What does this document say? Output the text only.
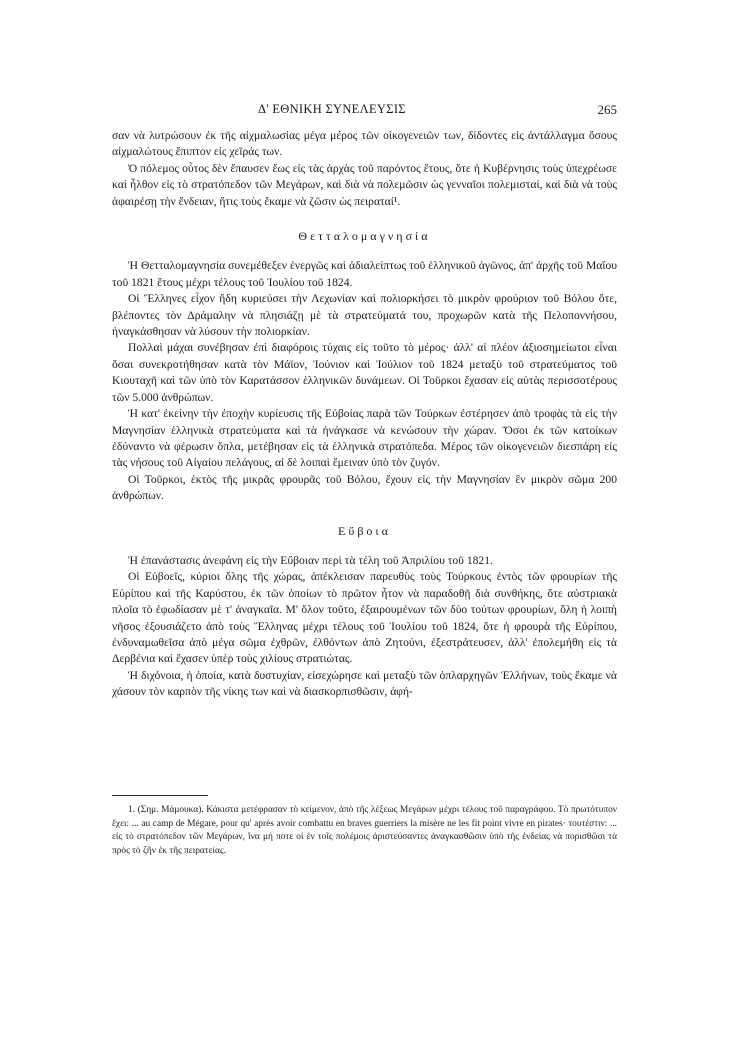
Δ' ΕΘΝΙΚΗ ΣΥΝΕΛΕΥΣΙΣ	265

σαν νὰ λυτρώσουν ἐκ τῆς αἰχμαλωσίας μέγα μέρος τῶν οἰκογενειῶν των, δίδοντες εἰς ἀντάλλαγμα ὅσους αἰχμαλώτους ἔπιπτον εἰς χεῖράς των.

Ὁ πόλεμος οὗτος δὲν ἔπαυσεν ἕως εἰς τὰς ἀρχὰς τοῦ παρόντος ἔτους, ὅτε ἡ Κυβέρνησις τοὺς ὑπεχρέωσε καὶ ἦλθον εἰς τὸ στρατόπεδον τῶν Μεγάρων, καὶ διὰ νὰ πολεμῶσιν ὡς γενναῖοι πολεμισταί, καὶ διὰ νὰ τοὺς ἀφαιρέσῃ τὴν ἔνδειαν, ἥτις τοὺς ἔκαμε νὰ ζῶσιν ὡς πειραταί¹.

Θετταλομαγνησία

Ἡ Θετταλομαγνησία συνεμέθεξεν ἐνεργῶς καὶ ἀδιαλείπτως τοῦ ἑλληνικοῦ ἀγῶνος, ἀπ' ἀρχῆς τοῦ Μαΐου τοῦ 1821 ἔτους μέχρι τέλους τοῦ Ἰουλίου τοῦ 1824.

Οἱ Ἕλληνες εἶχον ἤδη κυριεύσει τὴν Λεχωνίαν καὶ πολιορκήσει τὸ μικρὸν φρούριον τοῦ Βόλου ὅτε, βλέποντες τὸν Δράμαλην νὰ πλησιάζῃ μὲ τὰ στρατεύματά του, προχωρῶν κατὰ τῆς Πελοποννήσου, ἠναγκάσθησαν νὰ λύσουν τὴν πολιορκίαν.

Πολλαὶ μάχαι συνέβησαν ἐπὶ διαφόροις τύχαις εἰς τοῦτο τὸ μέρος· ἀλλ' αἱ πλέον ἀξιοσημείωτοι εἶναι ὅσαι συνεκροτήθησαν κατὰ τὸν Μάϊον, Ἰούνιον καὶ Ἰούλιον τοῦ 1824 μεταξὺ τοῦ στρατεύματος τοῦ Κιουταχῆ καὶ τῶν ὑπὸ τὸν Καρατάσσον ἑλληνικῶν δυνάμεων. Οἱ Τοῦρκοι ἔχασαν εἰς αὐτὰς περισσοτέρους τῶν 5.000 ἀνθρώπων.

Ἡ κατ' ἐκείνην τὴν ἐποχὴν κυρίευσις τῆς Εὐβοίας παρὰ τῶν Τούρκων ἐστέρησεν ἀπὸ τροφὰς τὰ εἰς τὴν Μαγνησίαν ἑλληνικὰ στρατεύματα καὶ τὰ ἠνάγκασε νὰ κενώσουν τὴν χώραν. Ὅσοι ἐκ τῶν κατοίκων ἐδύναντο νὰ φέρωσιν ὅπλα, μετέβησαν εἰς τὰ ἑλληνικὰ στρατόπεδα. Μέρος τῶν οἰκογενειῶν διεσπάρη εἰς τὰς νήσους τοῦ Αἰγαίου πελάγους, αἱ δὲ λοιπαὶ ἔμειναν ὑπὸ τὸν ζυγόν.

Οἱ Τοῦρκοι, ἐκτὸς τῆς μικρᾶς φρουρᾶς τοῦ Βόλου, ἔχουν εἰς τὴν Μαγνησίαν ἓν μικρὸν σῶμα 200 ἀνθρώπων.

Εὔβοια

Ἡ ἐπανάστασις ἀνεφάνη εἰς τὴν Εὔβοιαν περὶ τὰ τέλη τοῦ Ἀπριλίου τοῦ 1821.

Οἱ Εὐβοεῖς, κύριοι ὅλης τῆς χώρας, ἀπέκλεισαν παρευθὺς τοὺς Τούρκους ἐντὸς τῶν φρουρίων τῆς Εὐρίπου καὶ τῆς Καρύστου, ἐκ τῶν ὁποίων τὸ πρῶτον ἦτον νὰ παραδοθῇ διὰ συνθήκης, ὅτε αὐστριακὰ πλοῖα τὸ ἐφωδίασαν μὲ τ' ἀναγκαῖα. Μ' ὅλον τοῦτο, ἐξαιρουμένων τῶν δύο τούτων φρουρίων, ὅλη ἡ λοιπὴ νῆσος ἐξουσιάζετο ἀπὸ τοὺς Ἕλληνας μέχρι τέλους τοῦ Ἰουλίου τοῦ 1824, ὅτε ἡ φρουρὰ τῆς Εὐρίπου, ἐνδυναμωθεῖσα ἀπὸ μέγα σῶμα ἐχθρῶν, ἐλθόντων ἀπὸ Ζητούνι, ἐξεστράτευσεν, ἀλλ' ἐπολεμήθη εἰς τὰ Δερβένια καὶ ἔχασεν ὑπὲρ τοὺς χιλίους στρατιώτας.

Ἡ διχόνοια, ἡ ὁποία, κατὰ δυστυχίαν, εἰσεχώρησε καὶ μεταξὺ τῶν ὁπλαρχηγῶν Ἑλλήνων, τοὺς ἔκαμε νὰ χάσουν τὸν καρπὸν τῆς νίκης των καὶ νὰ διασκορπισθῶσιν, ἀφή-

1. (Σημ. Μάμουκα). Κάκιστα μετέφρασαν τὸ κείμενον, ἀπὸ τῆς λέξεως Μεγάρων μέχρι τέλους τοῦ παραγράφου. Τὸ πρωτότυπον ἔχει: ... au camp de Mégare, pour qu' après avoir combattu en braves guerriers la misère ne les fit point vivre en pirates· τουτέστιν: ... εἰς τὸ στρατόπεδον τῶν Μεγάρων, ἵνα μή ποτε οἱ ἐν τοῖς πολέμοις ἀριστεύσαντες ἀναγκασθῶσιν ὑπὸ τῆς ἐνδείας νὰ πορισθῶσι τὰ πρὸς τὸ ζῆν ἐκ τῆς πειρατείας.
